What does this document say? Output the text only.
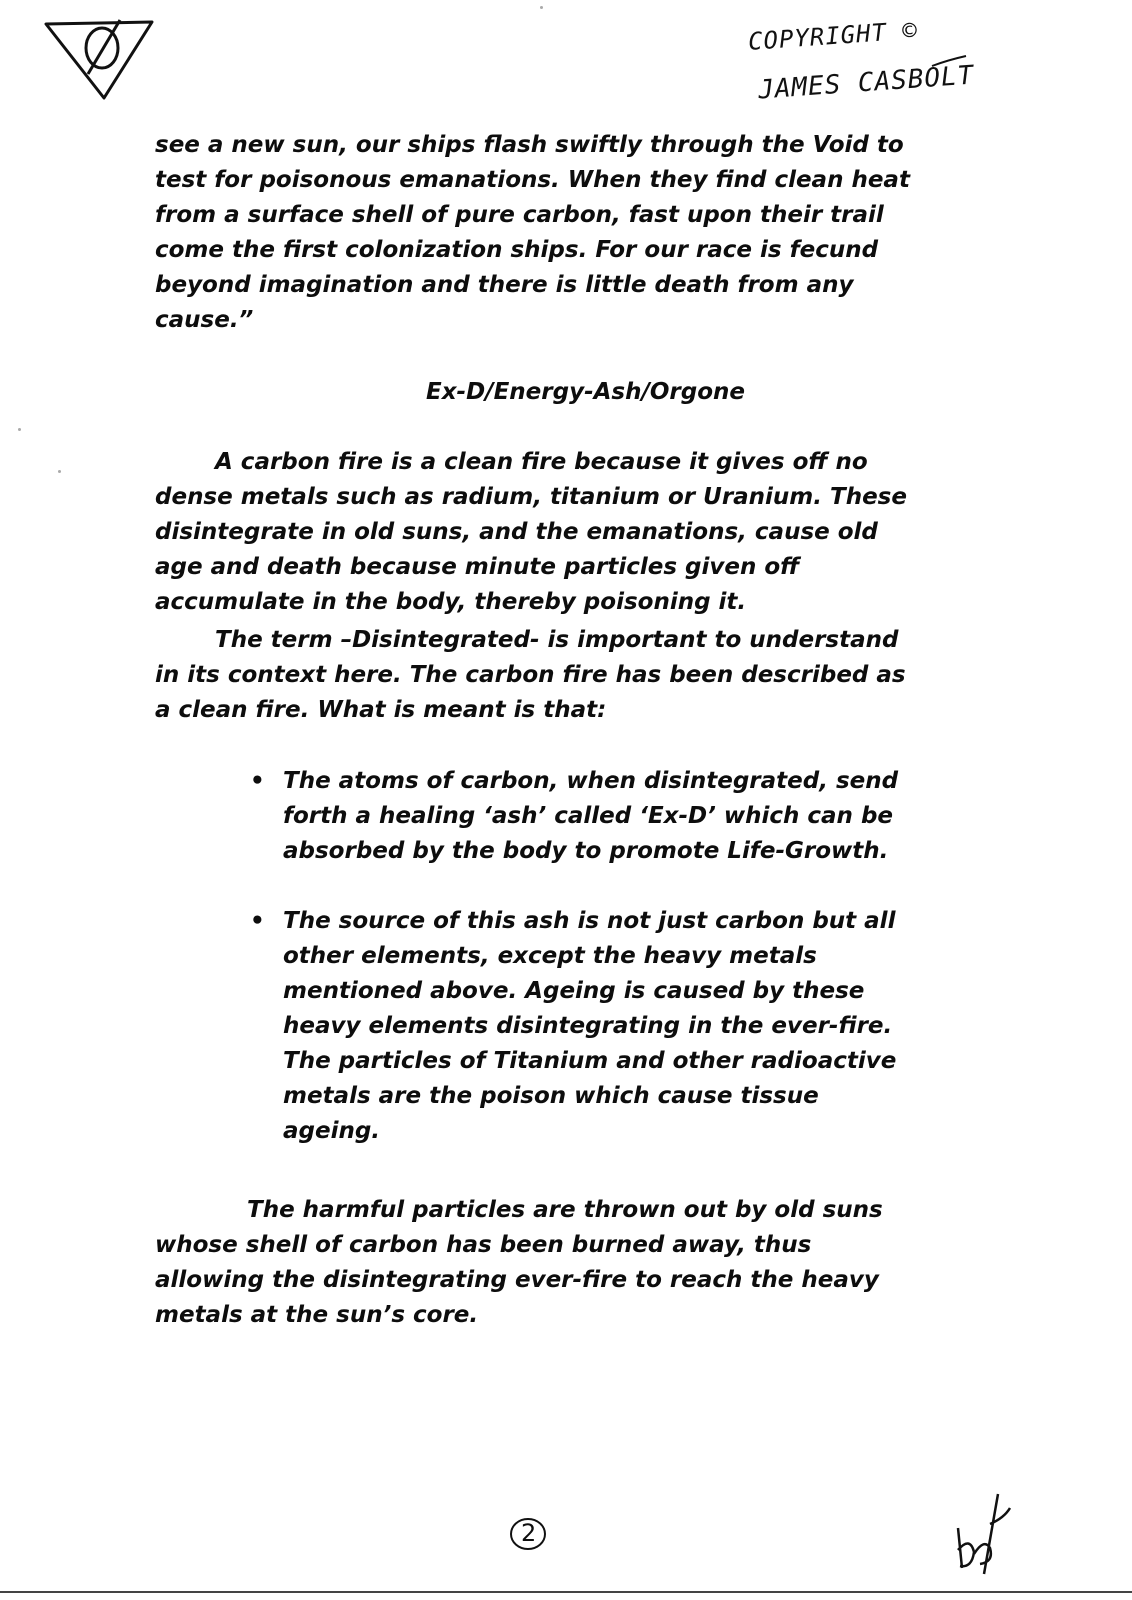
COPYRIGHT ©
JAMES CASBOLT

see a new sun, our ships flash swiftly through the Void to
test for poisonous emanations. When they find clean heat
from a surface shell of pure carbon, fast upon their trail
come the first colonization ships. For our race is fecund
beyond imagination and there is little death from any
cause.”

Ex-D/Energy-Ash/Orgone

A carbon fire is a clean fire because it gives off no
dense metals such as radium, titanium or Uranium. These
disintegrate in old suns, and the emanations, cause old
age and death because minute particles given off
accumulate in the body, thereby poisoning it.

The term –Disintegrated- is important to understand
in its context here. The carbon fire has been described as
a clean fire. What is meant is that:

• The atoms of carbon, when disintegrated, send
forth a healing ‘ash’ called ‘Ex-D’ which can be
absorbed by the body to promote Life-Growth.
• The source of this ash is not just carbon but all
other elements, except the heavy metals
mentioned above. Ageing is caused by these
heavy elements disintegrating in the ever-fire.
The particles of Titanium and other radioactive
metals are the poison which cause tissue
ageing.

The harmful particles are thrown out by old suns
whose shell of carbon has been burned away, thus
allowing the disintegrating ever-fire to reach the heavy
metals at the sun’s core.

2
